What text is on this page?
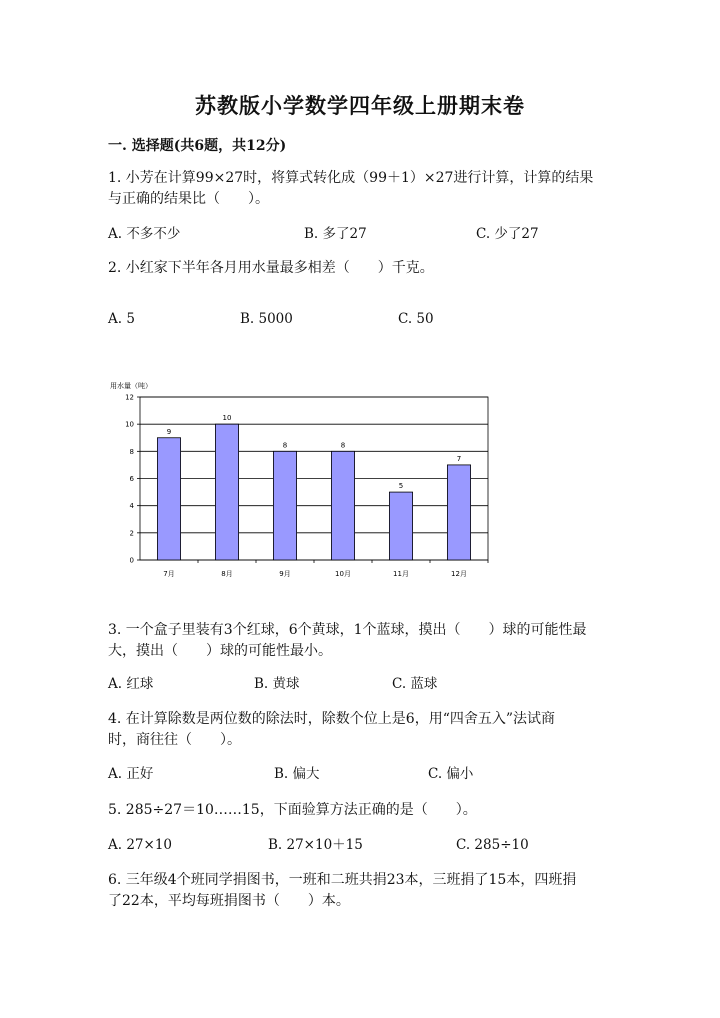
苏教版小学数学四年级上册期末卷
一. 选择题(共6题，共12分)
1. 小芳在计算99×27时，将算式转化成（99＋1）×27进行计算，计算的结果
与正确的结果比（　　）。
A. 不多不少	B. 多了27	C. 少了27
2. 小红家下半年各月用水量最多相差（　　）千克。
A. 5	B. 5000	C. 50
用水量（吨）
0
2
4
6
8
10
12
9
7月
10
8月
8
9月
8
10月
5
11月
7
12月
3. 一个盒子里装有3个红球，6个黄球，1个蓝球，摸出（　　）球的可能性最
大，摸出（　　）球的可能性最小。
A. 红球	B. 黄球	C. 蓝球
4. 在计算除数是两位数的除法时，除数个位上是6，用“四舍五入”法试商
时，商往往（　　）。
A. 正好	B. 偏大	C. 偏小
5. 285÷27＝10……15，下面验算方法正确的是（　　）。
A. 27×10	B. 27×10＋15	C. 285÷10
6. 三年级4个班同学捐图书，一班和二班共捐23本，三班捐了15本，四班捐
了22本，平均每班捐图书（　　）本。
